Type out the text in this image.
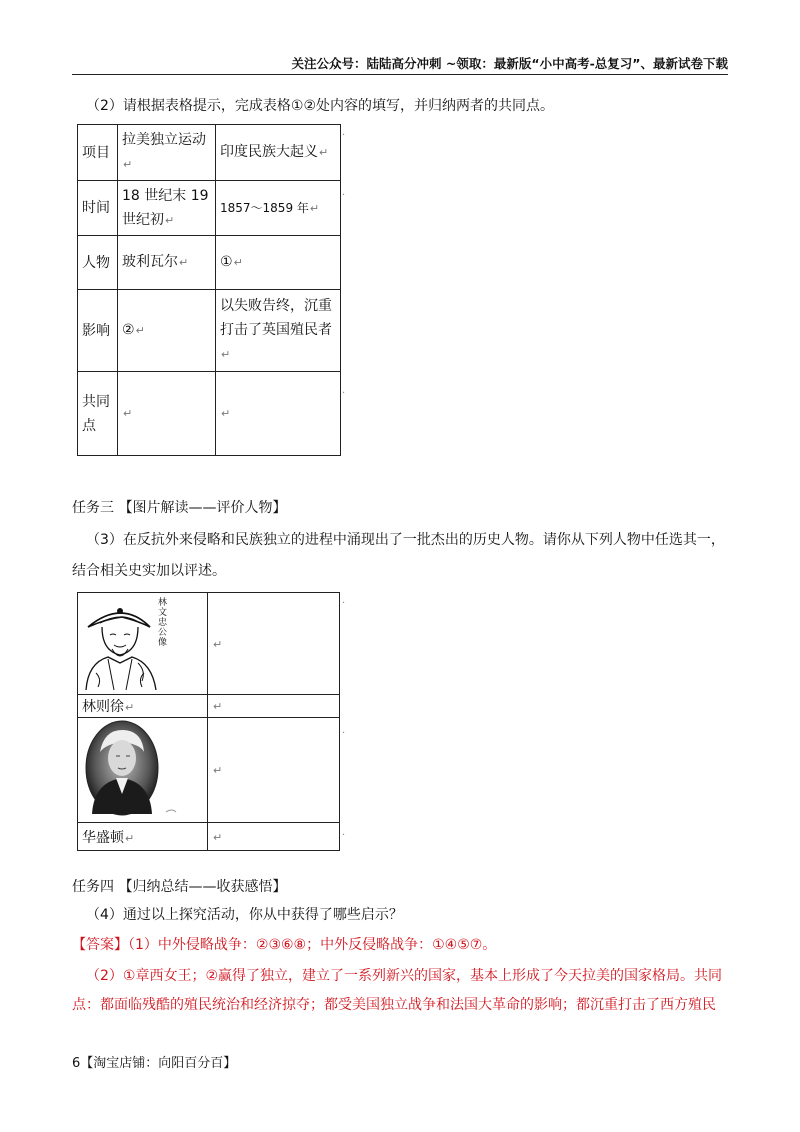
关注公众号：陆陆高分冲刺 ~领取：最新版“小中高考-总复习”、最新试卷下载
（2）请根据表格提示，完成表格①②处内容的填写，并归纳两者的共同点。
项目	拉美独立运动↵	印度民族大起义↵
时间	18 世纪末 19 世纪初↵	1857～1859 年↵
人物	玻利瓦尔↵	①↵
影响	②↵	以失败告终，沉重打击了英国殖民者↵
共同点	↵	↵
·
·
·
任务三 【图片解读——评价人物】
（3）在反抗外来侵略和民族独立的进程中涌现出了一批杰出的历史人物。请你从下列人物中任选其一，
结合相关史实加以评述。
林
文
忠
公
像	↵
林则徐↵	↵
	↵
华盛顿↵	↵
·
·
·
任务四 【归纳总结——收获感悟】
（4）通过以上探究活动，你从中获得了哪些启示？
【答案】（1）中外侵略战争：②③⑥⑧；中外反侵略战争：①④⑤⑦。
（2）①章西女王；②赢得了独立，建立了一系列新兴的国家，基本上形成了今天拉美的国家格局。共同
点：都面临残酷的殖民统治和经济掠夺；都受美国独立战争和法国大革命的影响；都沉重打击了西方殖民
6【淘宝店铺：向阳百分百】
